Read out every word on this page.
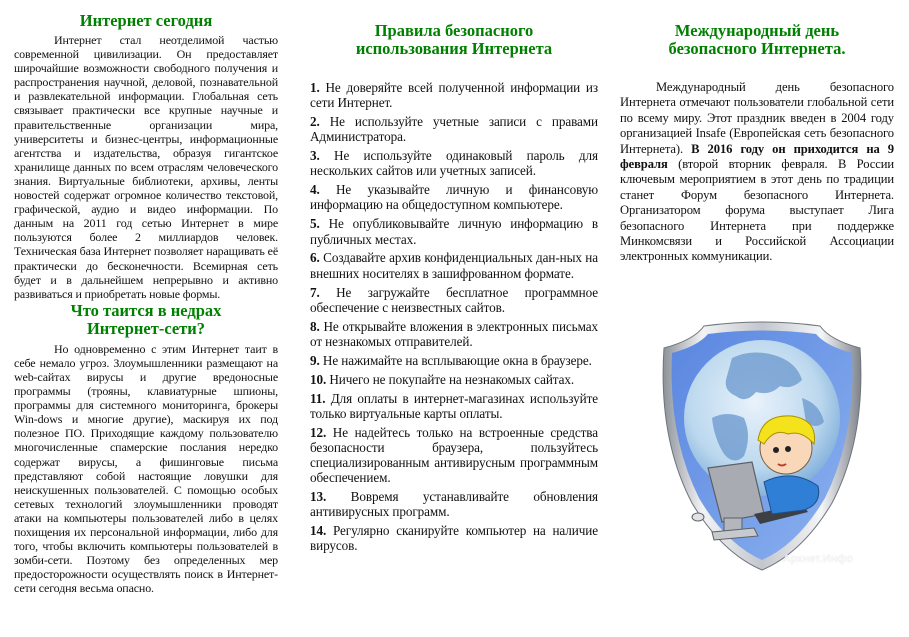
Интернет сегодня

Интернет стал неотделимой частью современной цивилизации. Он предоставляет широчайшие возможности свободного получения и распространения научной, деловой, познавательной и развлекательной информации. Глобальная сеть связывает практически все крупные научные и правительственные организации мира, университеты и бизнес-центры, информационные агентства и издательства, образуя гигантское хранилище данных по всем отраслям человеческого знания. Виртуальные библиотеки, архивы, ленты новостей содержат огромное количество текстовой, графической, аудио и видео информации. По данным на 2011 год сетью Интернет в мире пользуются более 2 миллиардов человек. Техническая база Интернет позволяет наращивать её практически до бесконечности. Всемирная сеть будет и в дальнейшем непрерывно и активно развиваться и приобретать новые формы.

Что таится в недрах
Интернет-сети?

Но одновременно с этим Интернет таит в себе немало угроз. Злоумышленники размещают на web-сайтах вирусы и другие вредоносные программы (трояны, клавиатурные шпионы, программы для системного мониторинга, брокеры Win-dows и многие другие), маскируя их под полезное ПО. Приходящие каждому пользователю многочисленные спамерские послания нередко содержат вирусы, а фишинговые письма представляют собой настоящие ловушки для неискушенных пользователей. С помощью особых сетевых технологий злоумышленники проводят атаки на компьютеры пользователей либо в целях похищения их персональной информации, либо для того, чтобы включить компьютеры пользователей в зомби-сети. Поэтому без определенных мер предосторожности осуществлять поиск в Интернет-сети сегодня весьма опасно.

Правила безопасного
использования Интернета
1. Не доверяйте всей полученной информации из сети Интернет.
2. Не используйте учетные записи с правами Администратора.
3. Не используйте одинаковый пароль для нескольких сайтов или учетных записей.
4. Не указывайте личную и финансовую информацию на общедоступном компьютере.
5. Не опубликовывайте личную информацию в публичных местах.
6. Создавайте архив конфиденциальных дан-ных на внешних носителях в зашифрованном формате.
7. Не загружайте бесплатное программное обеспечение с неизвестных сайтов.
8. Не открывайте вложения в электронных письмах от незнакомых отправителей.
9. Не нажимайте на всплывающие окна в браузере.
10. Ничего не покупайте на незнакомых сайтах.
11. Для оплаты в интернет-магазинах используйте только виртуальные карты оплаты.
12. Не надейтесь только на встроенные средства безопасности браузера, пользуйтесь специализированным антивирусным программным обеспечением.
13. Вовремя устанавливайте обновления антивирусных программ.
14. Регулярно сканируйте компьютер на наличие вирусов.
Международный день
безопасного Интернета.

Международный день безопасного Интернета отмечают пользователи глобальной сети по всему миру. Этот праздник введен в 2004 году организацией Insafe (Европейская сеть безопасного Интернета). В 2016 году он приходится на 9 февраля (второй вторник февраля. В России ключевым мероприятием в этот день по традиции станет Форум безопасного Интернета. Организатором форума выступает Лига безопасного Интернета при поддержке Минкомсвязи и Российской Ассоциации электронных коммуникации.

Архнет.Инфо
